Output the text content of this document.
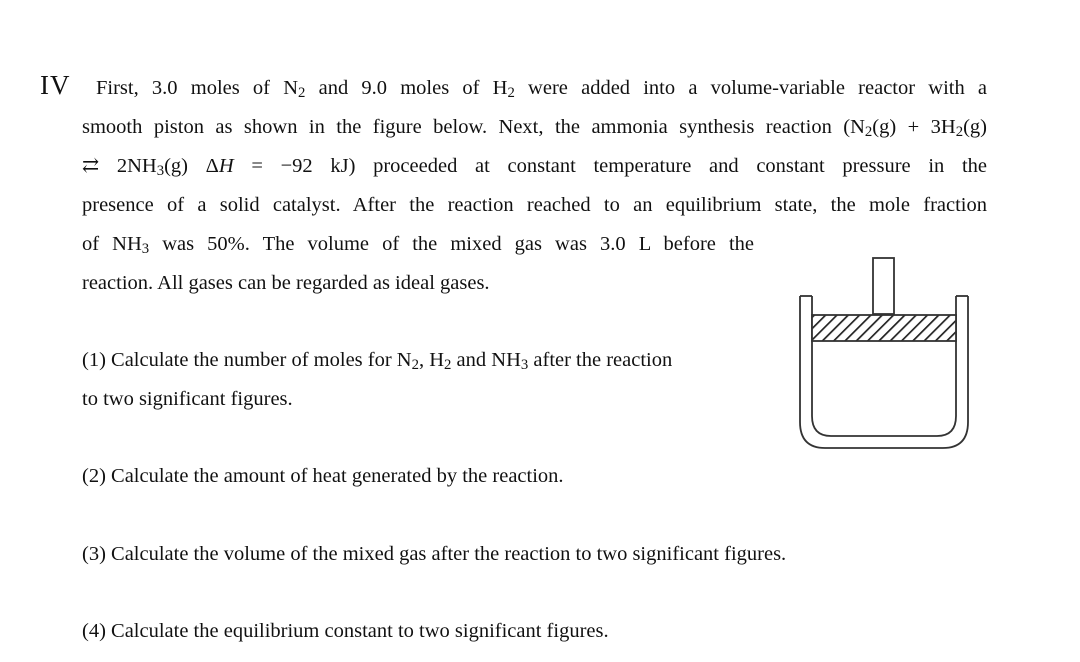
IV First, 3.0 moles of $N_2$ and 9.0 moles of $H_2$ were added into a volume-variable reactor with a
smooth piston as shown in the figure below. Next, the ammonia synthesis reaction ($N_2(g) + 3H_2(g)$
⇄ $2NH_3(g) \Delta H = -92$ kJ) proceeded at constant temperature and constant pressure in the
presence of a solid catalyst. After the reaction reached to an equilibrium state, the mole fraction
of $NH_3$ was 50%. The volume of the mixed gas was 3.0 L before the
reaction. All gases can be regarded as ideal gases.
(1) Calculate the number of moles for $N_2$, $H_2$ and $NH_3$ after the reaction
to two significant figures.
(2) Calculate the amount of heat generated by the reaction.
(3) Calculate the volume of the mixed gas after the reaction to two significant figures.
(4) Calculate the equilibrium constant to two significant figures.
